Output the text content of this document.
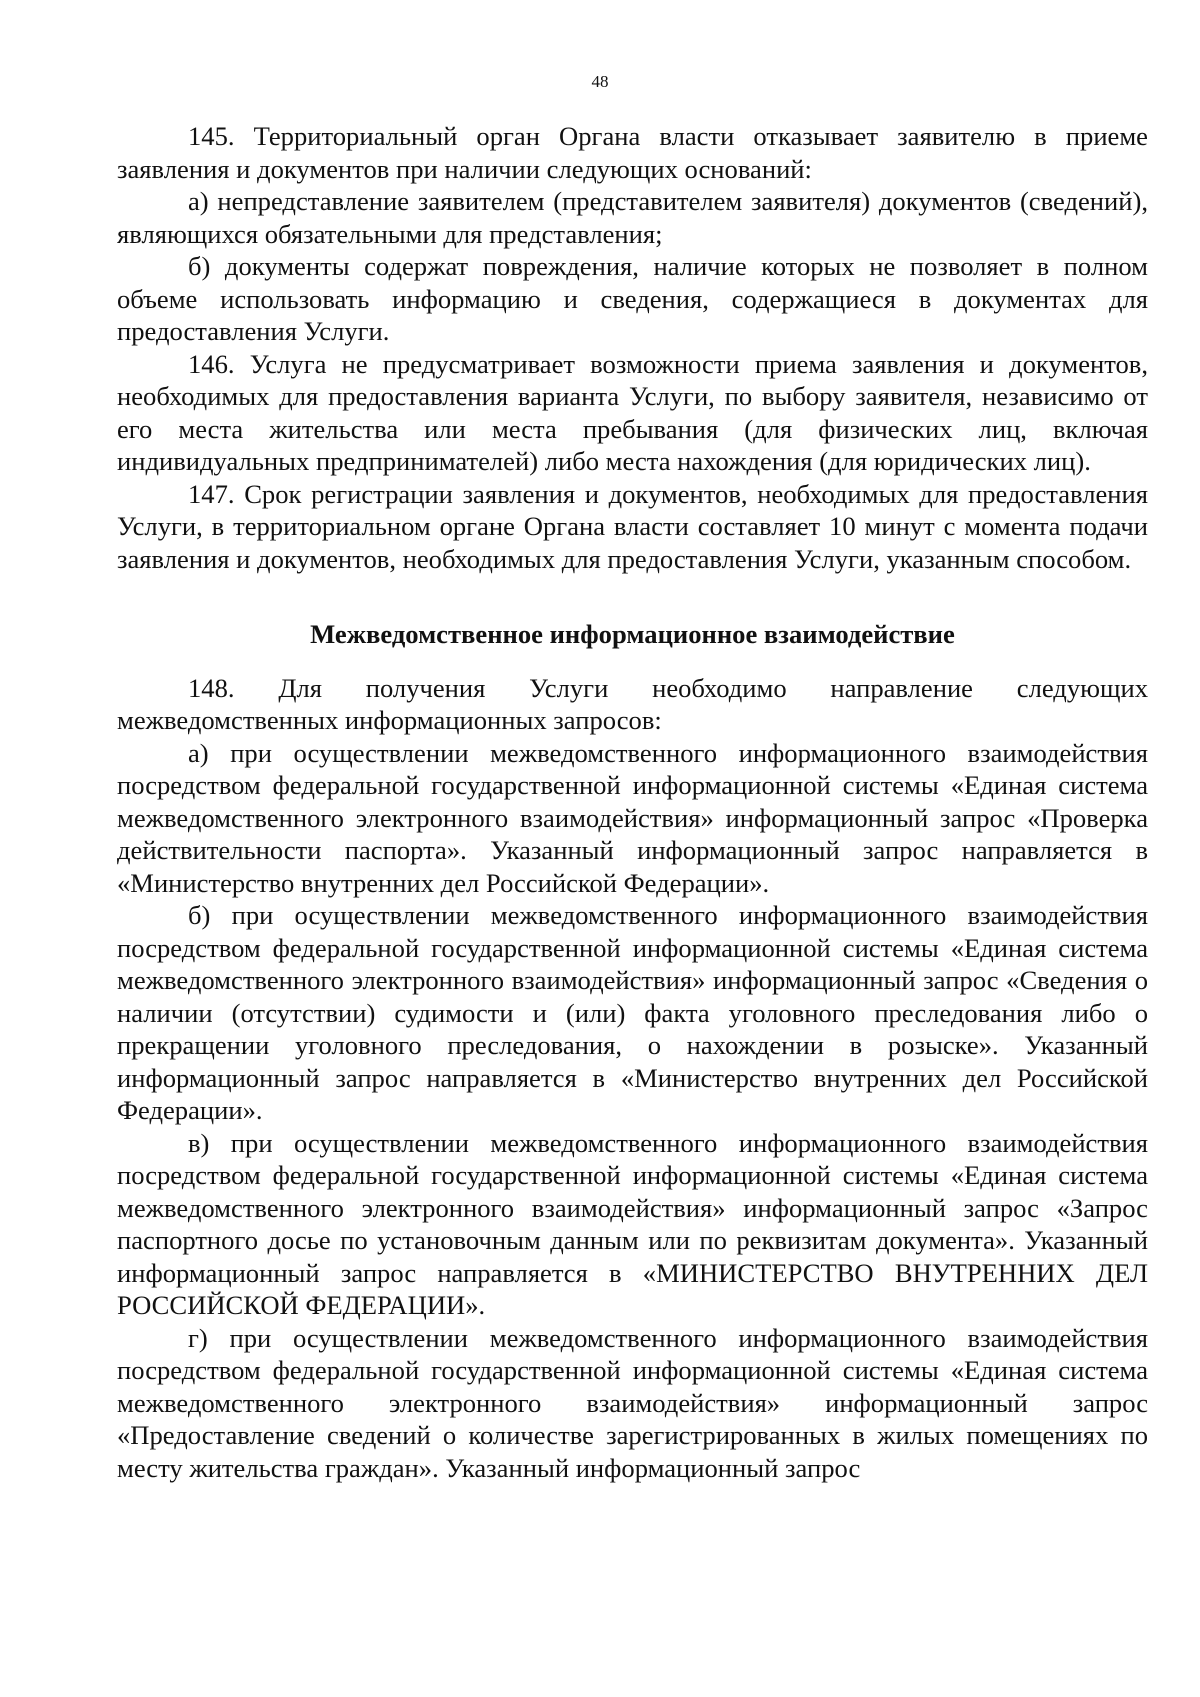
48

145. Территориальный орган Органа власти отказывает заявителю в приеме заявления и документов при наличии следующих оснований:

а) непредставление заявителем (представителем заявителя) документов (сведений), являющихся обязательными для представления;

б) документы содержат повреждения, наличие которых не позволяет в полном объеме использовать информацию и сведения, содержащиеся в документах для предоставления Услуги.

146. Услуга не предусматривает возможности приема заявления и документов, необходимых для предоставления варианта Услуги, по выбору заявителя, независимо от его места жительства или места пребывания (для физических лиц, включая индивидуальных предпринимателей) либо места нахождения (для юридических лиц).

147. Срок регистрации заявления и документов, необходимых для предоставления Услуги, в территориальном органе Органа власти составляет 10 минут с момента подачи заявления и документов, необходимых для предоставления Услуги, указанным способом.

Межведомственное информационное взаимодействие

148. Для получения Услуги необходимо направление следующих межведомственных информационных запросов:

а) при осуществлении межведомственного информационного взаимодействия посредством федеральной государственной информационной системы «Единая система межведомственного электронного взаимодействия» информационный запрос «Проверка действительности паспорта». Указанный информационный запрос направляется в «Министерство внутренних дел Российской Федерации».

б) при осуществлении межведомственного информационного взаимодействия посредством федеральной государственной информационной системы «Единая система межведомственного электронного взаимодействия» информационный запрос «Сведения о наличии (отсутствии) судимости и (или) факта уголовного преследования либо о прекращении уголовного преследования, о нахождении в розыске». Указанный информационный запрос направляется в «Министерство внутренних дел Российской Федерации».

в) при осуществлении межведомственного информационного взаимодействия посредством федеральной государственной информационной системы «Единая система межведомственного электронного взаимодействия» информационный запрос «Запрос паспортного досье по установочным данным или по реквизитам документа». Указанный информационный запрос направляется в «МИНИСТЕРСТВО ВНУТРЕННИХ ДЕЛ РОССИЙСКОЙ ФЕДЕРАЦИИ».

г) при осуществлении межведомственного информационного взаимодействия посредством федеральной государственной информационной системы «Единая система межведомственного электронного взаимодействия» информационный запрос «Предоставление сведений о количестве зарегистрированных в жилых помещениях по месту жительства граждан». Указанный информационный запрос
